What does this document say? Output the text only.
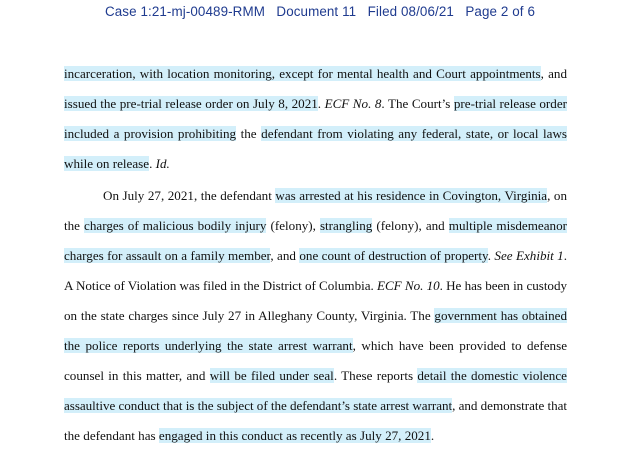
Case 1:21-mj-00489-RMM Document 11 Filed 08/06/21 Page 2 of 6
incarceration, with location monitoring, except for mental health and Court appointments, and
issued the pre-trial release order on July 8, 2021. ECF No. 8. The Court’s pre-trial release order
included a provision prohibiting the defendant from violating any federal, state, or local laws
while on release. Id.
On July 27, 2021, the defendant was arrested at his residence in Covington, Virginia, on
the charges of malicious bodily injury (felony), strangling (felony), and multiple misdemeanor
charges for assault on a family member, and one count of destruction of property. See Exhibit 1.
A Notice of Violation was filed in the District of Columbia. ECF No. 10. He has been in custody
on the state charges since July 27 in Alleghany County, Virginia. The government has obtained
the police reports underlying the state arrest warrant, which have been provided to defense
counsel in this matter, and will be filed under seal. These reports detail the domestic violence
assaultive conduct that is the subject of the defendant’s state arrest warrant, and demonstrate that
the defendant has engaged in this conduct as recently as July 27, 2021.
